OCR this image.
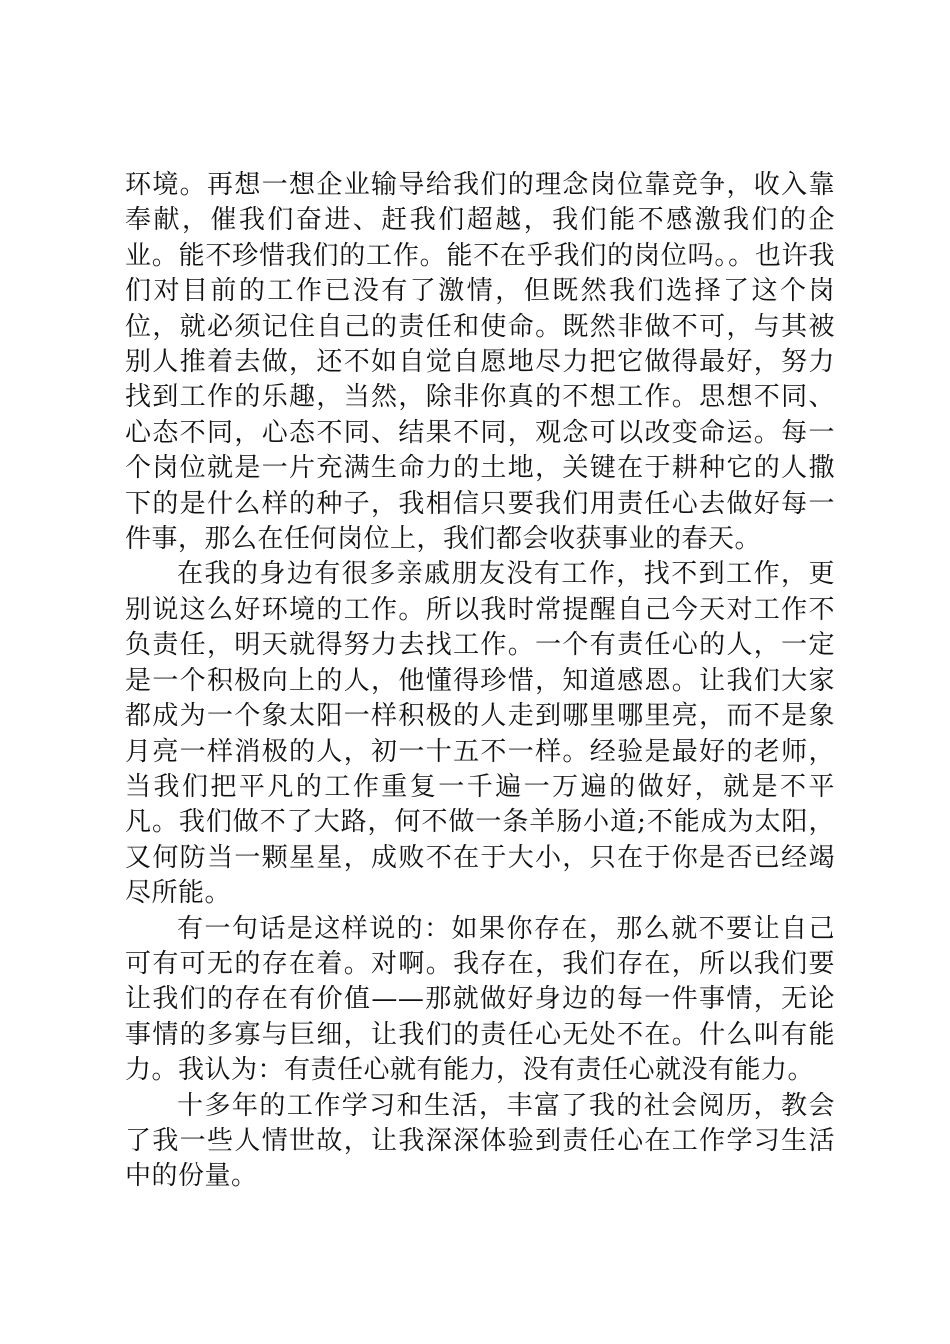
环境。再想一想企业输导给我们的理念岗位靠竞争，收入靠奉献，催我们奋进、赶我们超越，我们能不感激我们的企业。能不珍惜我们的工作。能不在乎我们的岗位吗。。也许我们对目前的工作已没有了激情，但既然我们选择了这个岗位，就必须记住自己的责任和使命。既然非做不可，与其被别人推着去做，还不如自觉自愿地尽力把它做得最好，努力找到工作的乐趣，当然，除非你真的不想工作。思想不同、心态不同，心态不同、结果不同，观念可以改变命运。每一个岗位就是一片充满生命力的土地，关键在于耕种它的人撒下的是什么样的种子，我相信只要我们用责任心去做好每一件事，那么在任何岗位上，我们都会收获事业的春天。

在我的身边有很多亲戚朋友没有工作，找不到工作，更别说这么好环境的工作。所以我时常提醒自己今天对工作不负责任，明天就得努力去找工作。一个有责任心的人，一定是一个积极向上的人，他懂得珍惜，知道感恩。让我们大家都成为一个象太阳一样积极的人走到哪里哪里亮，而不是象月亮一样消极的人，初一十五不一样。经验是最好的老师，当我们把平凡的工作重复一千遍一万遍的做好，就是不平凡。我们做不了大路，何不做一条羊肠小道;不能成为太阳，又何防当一颗星星，成败不在于大小，只在于你是否已经竭尽所能。

有一句话是这样说的：如果你存在，那么就不要让自己可有可无的存在着。对啊。我存在，我们存在，所以我们要让我们的存在有价值——那就做好身边的每一件事情，无论事情的多寡与巨细，让我们的责任心无处不在。什么叫有能力。我认为：有责任心就有能力，没有责任心就没有能力。

十多年的工作学习和生活，丰富了我的社会阅历，教会了我一些人情世故，让我深深体验到责任心在工作学习生活中的份量。
